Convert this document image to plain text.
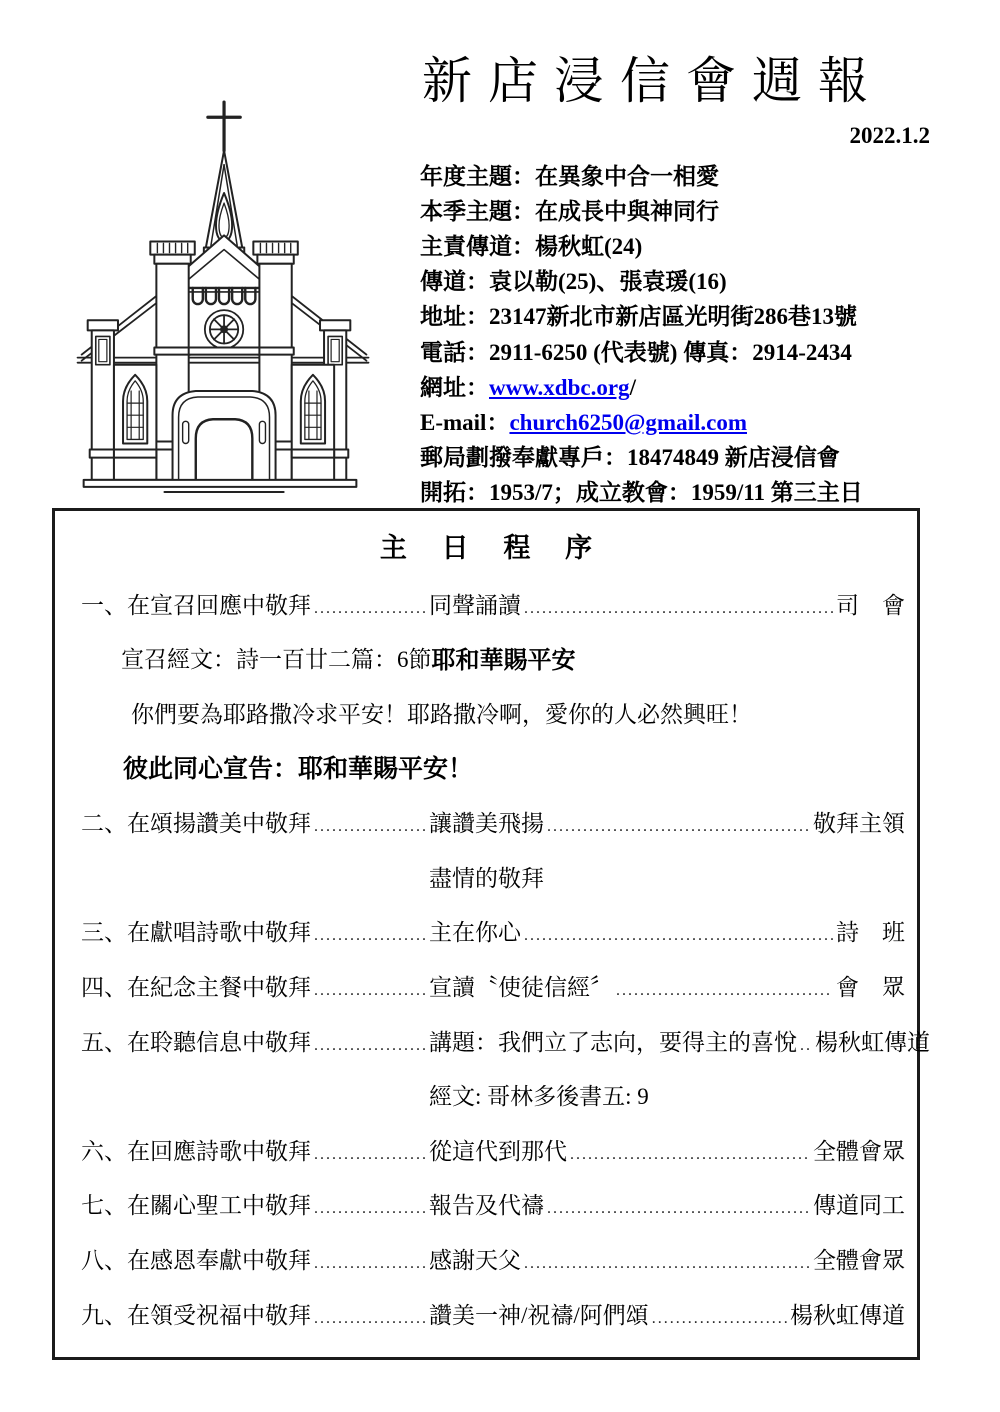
新店浸信會週報
2022.1.2
年度主題：在異象中合一相愛
本季主題：在成長中與神同行
主責傳道：楊秋虹(24)
傳道：袁以勒(25)、張袁瑗(16)
地址：23147新北市新店區光明街286巷13號
電話：2911-6250 (代表號) 傳真：2914-2434
網址：www.xdbc.org/
E-mail：church6250@gmail.com
郵局劃撥奉獻專戶：18474849 新店浸信會
開拓：1953/7；成立教會：1959/11 第三主日
主 日 程 序
一、在宣召回應中敬拜 .....	同聲誦讀 .....	司　會
宣召經文：詩一百廿二篇：6節 耶和華賜平安
你們要為耶路撒冷求平安！耶路撒冷啊，愛你的人必然興旺！
彼此同心宣告：耶和華賜平安！
二、在頌揚讚美中敬拜 .....	讓讚美飛揚 .....	敬拜主領
盡情的敬拜
三、在獻唱詩歌中敬拜 .....	主在你心 .....	詩　班
四、在紀念主餐中敬拜 .....	宣讀〝使徒信經〞 .....	會　眾
五、在聆聽信息中敬拜 .....	講題：我們立了志向，要得主的喜悅 ..... 楊秋虹傳道
經文: 哥林多後書五: 9
六、在回應詩歌中敬拜 .....	從這代到那代 .....	全體會眾
七、在關心聖工中敬拜 .....	報告及代禱 .....	傳道同工
八、在感恩奉獻中敬拜 .....	感謝天父 .....	全體會眾
九、在領受祝福中敬拜 .....	讚美一神/祝禱/阿們頌 .....	楊秋虹傳道
